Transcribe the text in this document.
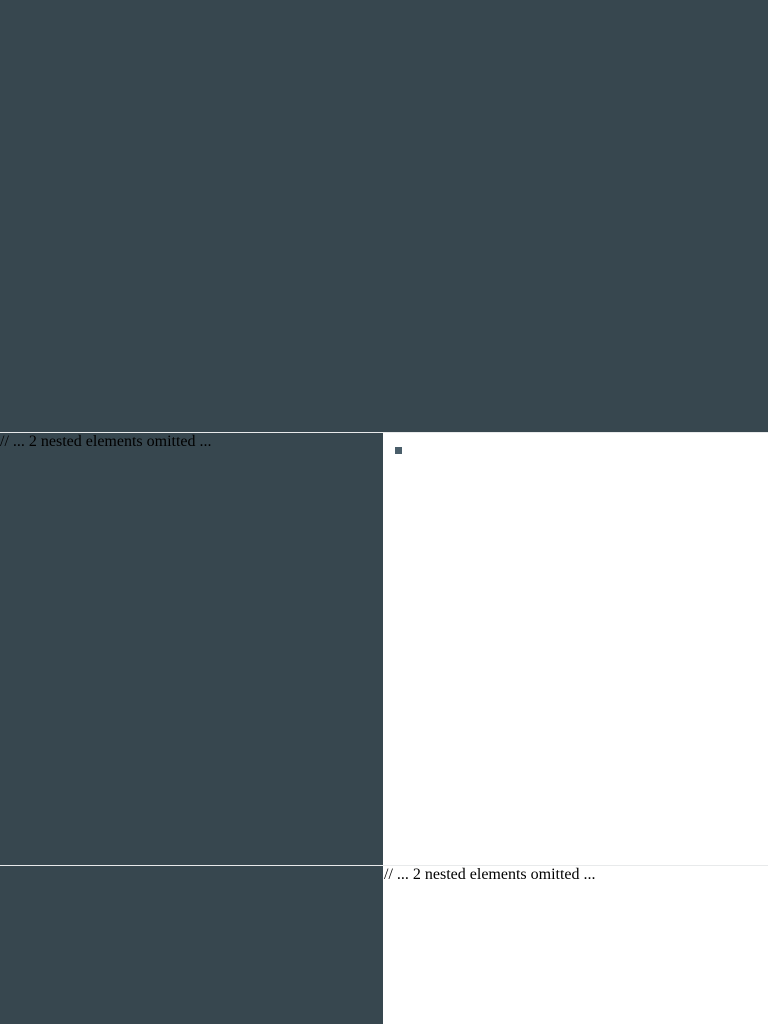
// ... 2 nested elements omitted ...
// ... 2 nested elements omitted ...
